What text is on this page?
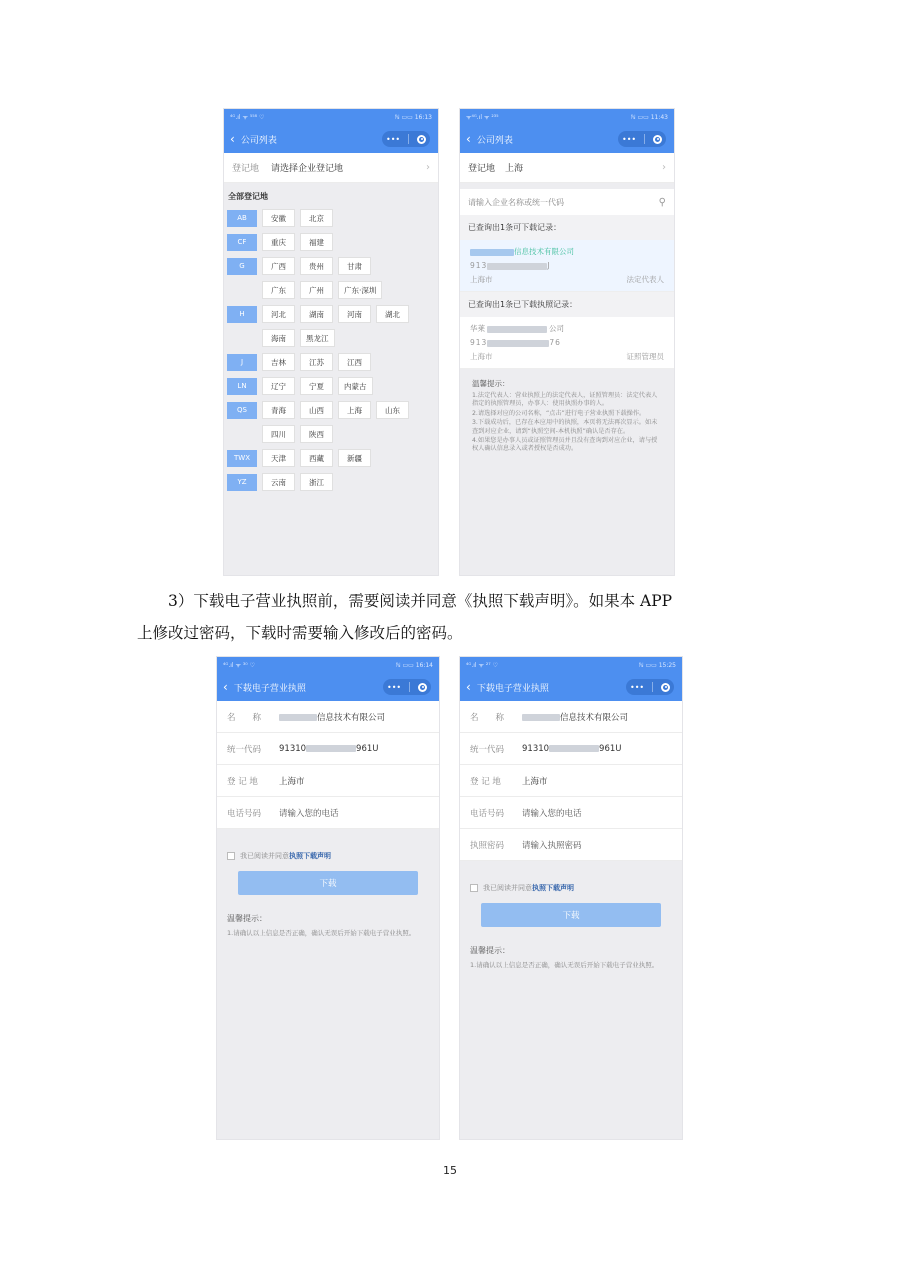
⁴ᴳ.ıl ᯤ ⁵⁵⁸ ♡	ℕ ▭▭ 16:13
‹ 公司列表	•••
登记地 请选择企业登记地	›
全部登记地
AB	安徽	北京
CF	重庆	福建
G	广西	贵州	甘肃
广东	广州	广东·深圳
H	河北	湖南	河南	湖北
海南	黑龙江
J	吉林	江苏	江西
LN	辽宁	宁夏	内蒙古
QS	青海	山西	上海	山东
四川	陕西
TWX	天津	西藏	新疆
YZ	云南	浙江
ᯤ⁴ᴳ.ıl ᯤ ²³⁵	ℕ ▭▭ 11:43
‹ 公司列表	•••
登记地 上海	›
请输入企业名称或统一代码	⚲
已查询出1条可下载记录：
信息技术有限公司
913	J
上海市	法定代表人
已查询出1条已下载执照记录：
华莱	公司
913	76
上海市	证照管理员
温馨提示：

1.法定代表人：营业执照上的法定代表人，证照管理员：法定代表人指定的执照管理员，办事人：使用执照办事的人。

2.请选择对应的公司名称，“点击”进行电子营业执照下载操作。

3.下载成功后，已存在本应用中的执照，本页将无法再次显示。如未查到对应企业，请到“执照空间-本机执照”确认是否存在。

4.如果您是办事人员或证照管理员并且没有查询到对应企业，请与授权人确认信息录入或者授权是否成功。

3）下载电子营业执照前，需要阅读并同意《执照下载声明》。如果本 APP
上修改过密码，下载时需要输入修改后的密码。
⁴ᴳ.ıl ᯤ ³⁰ ♡	ℕ ▭▭ 16:14
‹ 下载电子营业执照	•••
名　　称	信息技术有限公司
统一代码	91310	961U
登 记 地	上海市
电话号码	请输入您的电话
我已阅读并同意 执照下载声明
下载
温馨提示：
1.请确认以上信息是否正确，确认无误后开始下载电子营业执照。
⁴ᴳ.ıl ᯤ ²⁷ ♡	ℕ ▭▭ 15:25
‹ 下载电子营业执照	•••
名　　称	信息技术有限公司
统一代码	91310	961U
登 记 地	上海市
电话号码	请输入您的电话
执照密码	请输入执照密码
我已阅读并同意 执照下载声明
下载
温馨提示：
1.请确认以上信息是否正确，确认无误后开始下载电子营业执照。
15
